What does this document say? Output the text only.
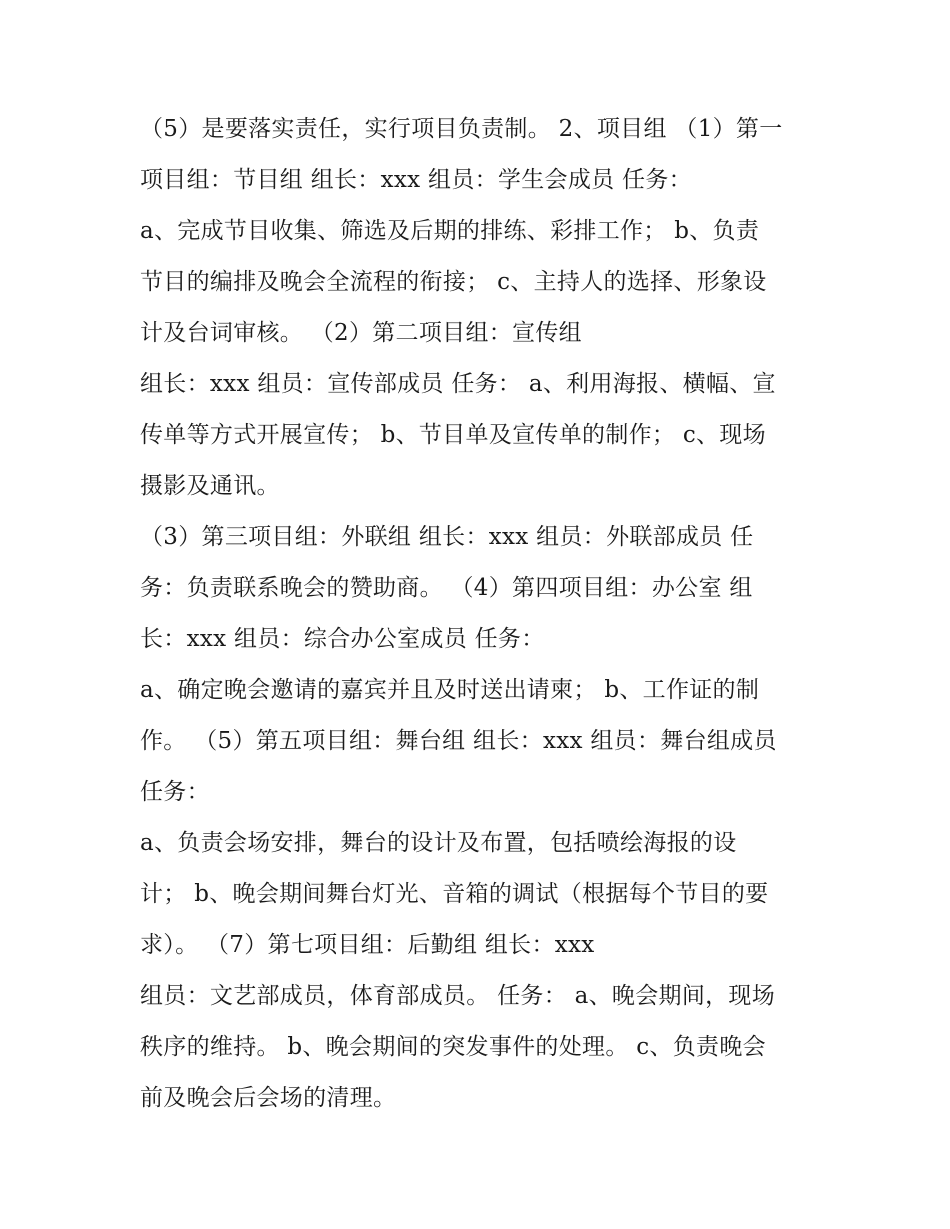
（5）是要落实责任，实行项目负责制。 2、项目组 （1）第一
项目组：节目组 组长：xxx 组员：学生会成员 任务：
a、完成节目收集、筛选及后期的排练、彩排工作； b、负责
节目的编排及晚会全流程的衔接； c、主持人的选择、形象设
计及台词审核。 （2）第二项目组：宣传组
组长：xxx 组员：宣传部成员 任务： a、利用海报、横幅、宣
传单等方式开展宣传； b、节目单及宣传单的制作； c、现场
摄影及通讯。
（3）第三项目组：外联组 组长：xxx 组员：外联部成员 任
务：负责联系晚会的赞助商。 （4）第四项目组：办公室 组
长：xxx 组员：综合办公室成员 任务：
a、确定晚会邀请的嘉宾并且及时送出请柬； b、工作证的制
作。 （5）第五项目组：舞台组 组长：xxx 组员：舞台组成员
任务：
a、负责会场安排，舞台的设计及布置，包括喷绘海报的设
计； b、晚会期间舞台灯光、音箱的调试（根据每个节目的要
求）。 （7）第七项目组：后勤组 组长：xxx
组员：文艺部成员，体育部成员。 任务： a、晚会期间，现场
秩序的维持。 b、晚会期间的突发事件的处理。 c、负责晚会
前及晚会后会场的清理。
